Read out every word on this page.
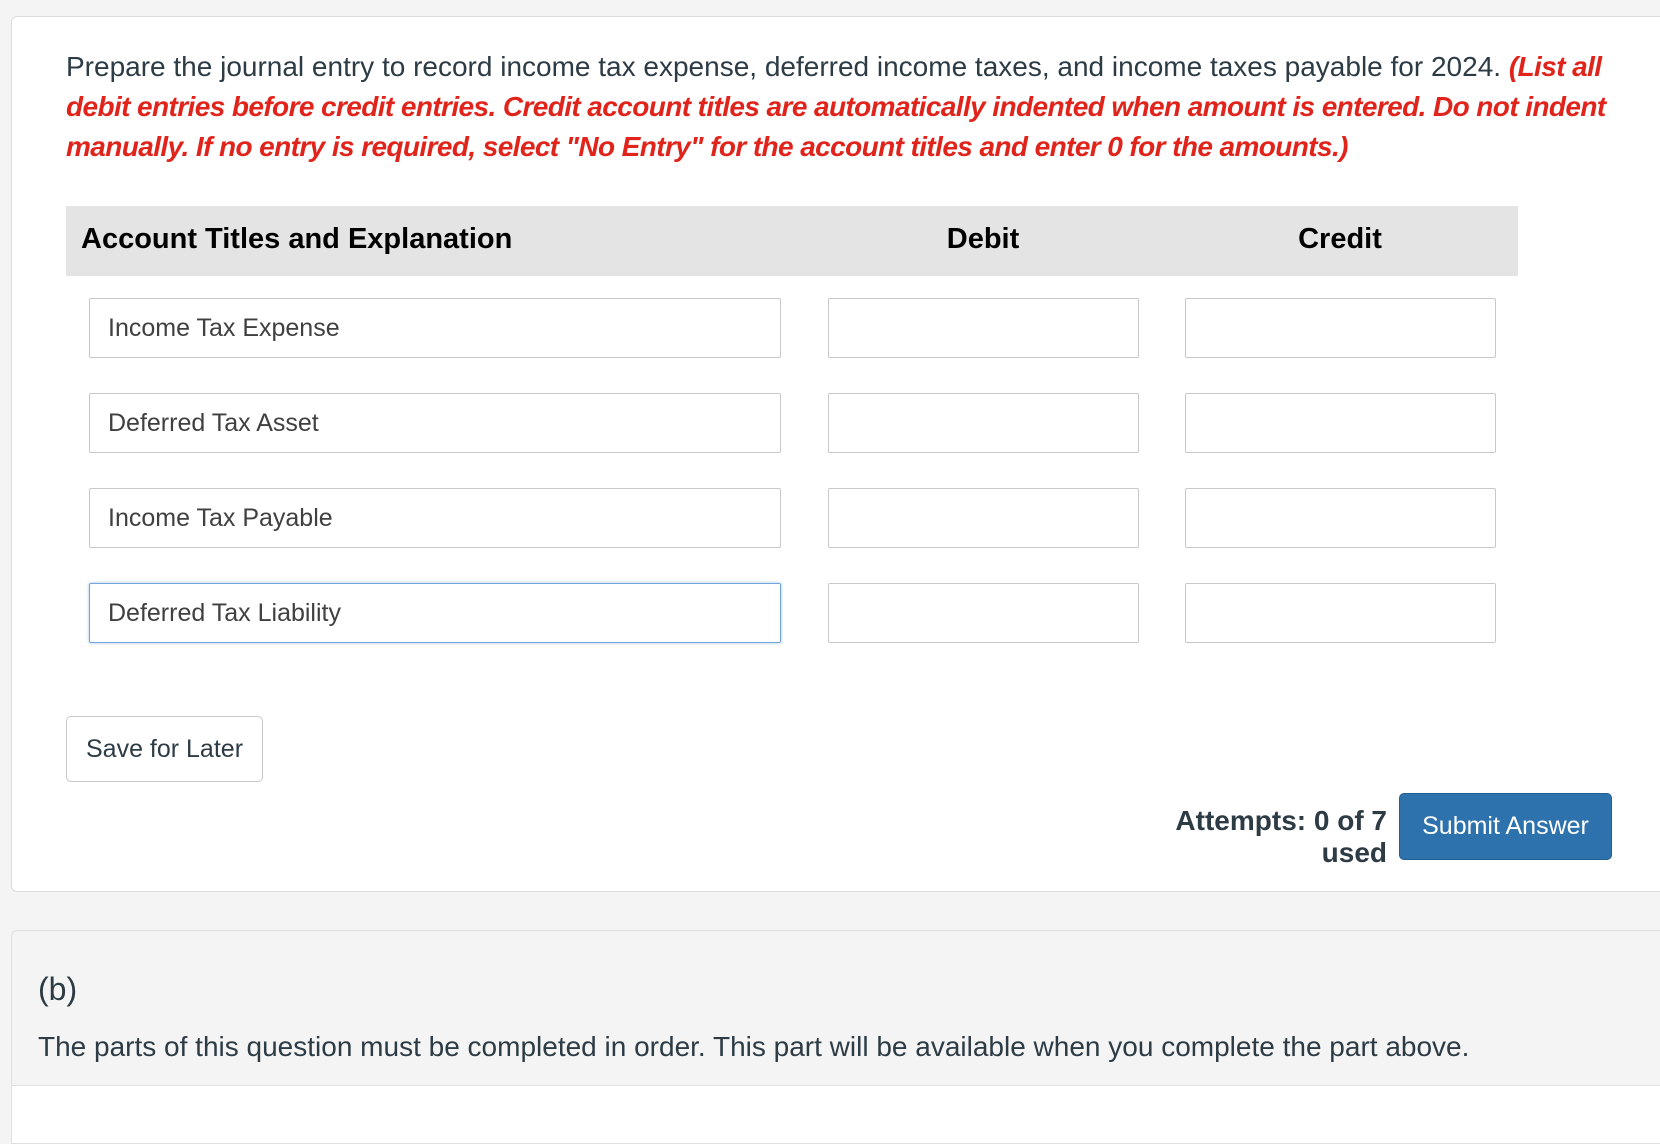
Prepare the journal entry to record income tax expense, deferred income taxes, and income taxes payable for 2024. (List all debit entries before credit entries. Credit account titles are automatically indented when amount is entered. Do not indent manually. If no entry is required, select "No Entry" for the account titles and enter 0 for the amounts.)

Account Titles and Explanation	Debit	Credit
Income Tax Expense
Deferred Tax Asset
Income Tax Payable
Deferred Tax Liability
Save for Later
Attempts: 0 of 7 used
Submit Answer
(b)
The parts of this question must be completed in order. This part will be available when you complete the part above.
